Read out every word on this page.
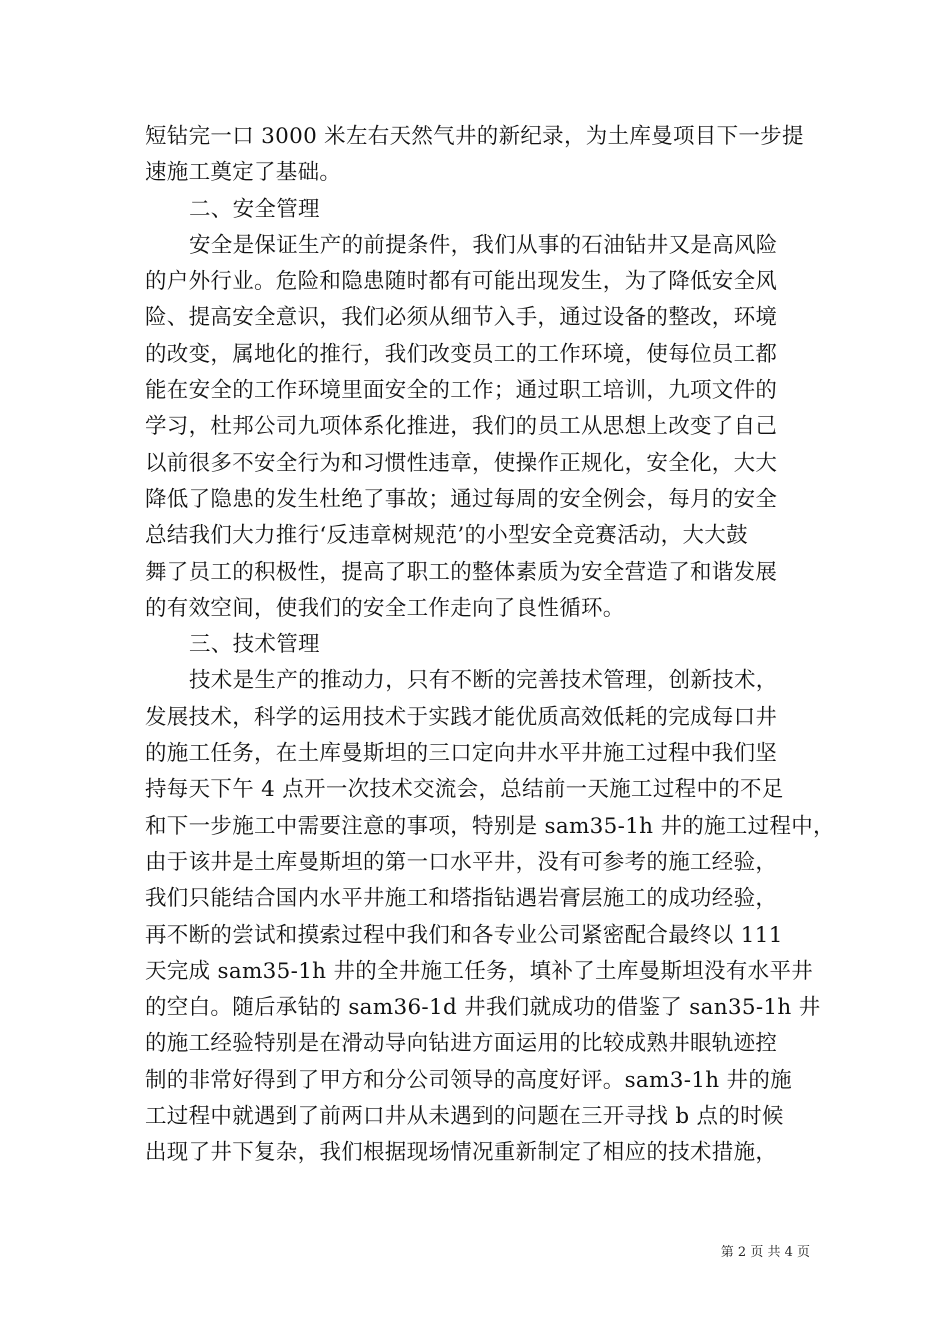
短钻完一口 3000 米左右天然气井的新纪录，为土库曼项目下一步提
速施工奠定了基础。
二、安全管理
安全是保证生产的前提条件，我们从事的石油钻井又是高风险
的户外行业。危险和隐患随时都有可能出现发生，为了降低安全风
险、提高安全意识，我们必须从细节入手，通过设备的整改，环境
的改变，属地化的推行，我们改变员工的工作环境，使每位员工都
能在安全的工作环境里面安全的工作；通过职工培训，九项文件的
学习，杜邦公司九项体系化推进，我们的员工从思想上改变了自己
以前很多不安全行为和习惯性违章，使操作正规化，安全化，大大
降低了隐患的发生杜绝了事故；通过每周的安全例会，每月的安全
总结我们大力推行‘反违章树规范’的小型安全竞赛活动，大大鼓
舞了员工的积极性，提高了职工的整体素质为安全营造了和谐发展
的有效空间，使我们的安全工作走向了良性循环。
三、技术管理
技术是生产的推动力，只有不断的完善技术管理，创新技术，
发展技术，科学的运用技术于实践才能优质高效低耗的完成每口井
的施工任务，在土库曼斯坦的三口定向井水平井施工过程中我们坚
持每天下午 4 点开一次技术交流会，总结前一天施工过程中的不足
和下一步施工中需要注意的事项，特别是 sam35-1h 井的施工过程中，
由于该井是土库曼斯坦的第一口水平井，没有可参考的施工经验，
我们只能结合国内水平井施工和塔指钻遇岩膏层施工的成功经验，
再不断的尝试和摸索过程中我们和各专业公司紧密配合最终以 111
天完成 sam35-1h 井的全井施工任务，填补了土库曼斯坦没有水平井
的空白。随后承钻的 sam36-1d 井我们就成功的借鉴了 san35-1h 井
的施工经验特别是在滑动导向钻进方面运用的比较成熟井眼轨迹控
制的非常好得到了甲方和分公司领导的高度好评。sam3-1h 井的施
工过程中就遇到了前两口井从未遇到的问题在三开寻找 b 点的时候
出现了井下复杂，我们根据现场情况重新制定了相应的技术措施，
第 2 页 共 4 页
